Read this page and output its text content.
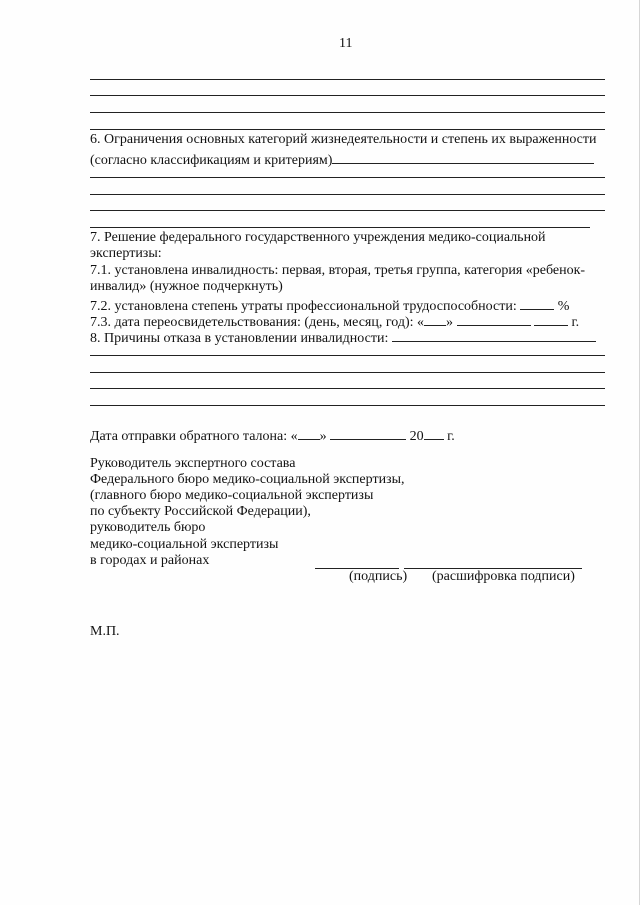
11
6. Ограничения основных категорий жизнедеятельности и степень их выраженности
(согласно классификациям и критериям)
7. Решение федерального государственного учреждения медико-социальной
экспертизы:
7.1. установлена инвалидность: первая, вторая, третья группа, категория «ребенок-
инвалид» (нужное подчеркнуть)
7.2. установлена степень утраты профессиональной трудоспособности:	%
7.3. дата переосвидетельствования: (день, месяц, год): « »	г.
8. Причины отказа в установлении инвалидности:
Дата отправки обратного талона: « »	20 г.
Руководитель экспертного состава
Федерального бюро медико-социальной экспертизы,
(главного бюро медико-социальной экспертизы
по субъекту Российской Федерации),
руководитель бюро
медико-социальной экспертизы
в городах и районах
(подпись) (расшифровка подписи)
М.П.
